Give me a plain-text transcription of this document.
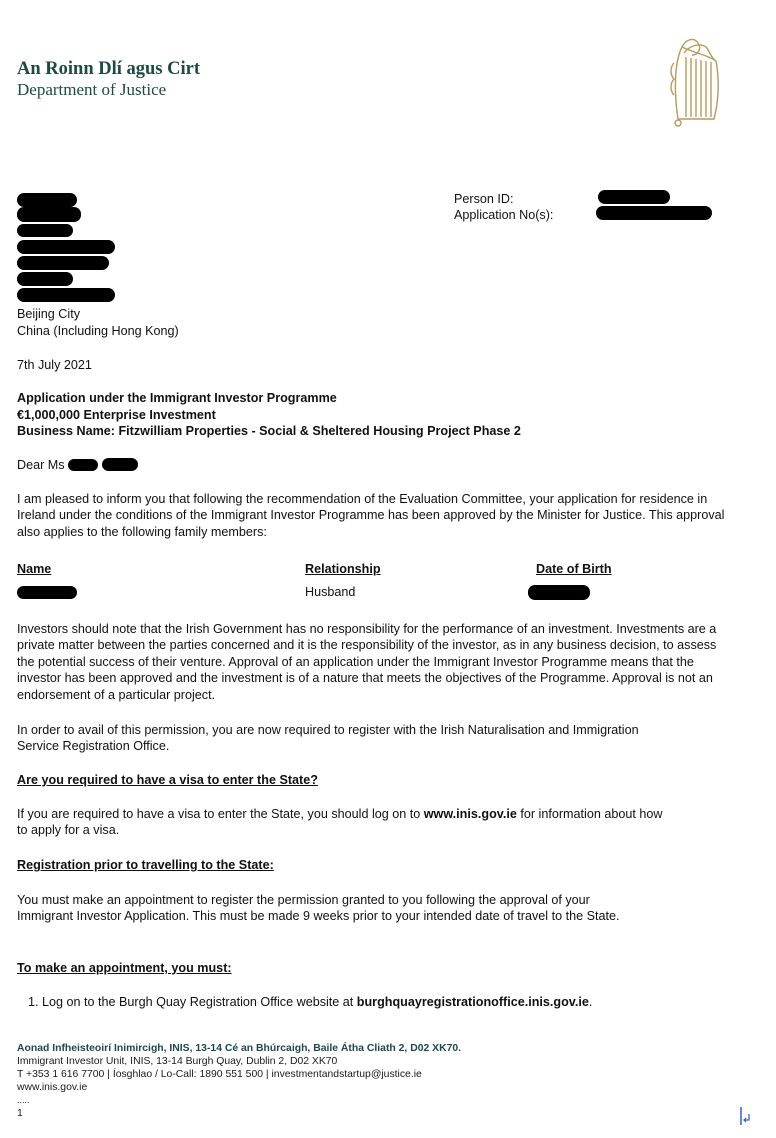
An Roinn Dlí agus Cirt
Department of Justice
Person ID:
Application No(s):
Beijing City
China (Including Hong Kong)
7th July 2021
Application under the Immigrant Investor Programme
€1,000,000 Enterprise Investment
Business Name: Fitzwilliam Properties - Social & Sheltered Housing Project Phase 2
Dear Ms
I am pleased to inform you that following the recommendation of the Evaluation Committee, your application for residence in Ireland under the conditions of the Immigrant Investor Programme has been approved by the Minister for Justice. This approval also applies to the following family members:
Name	Relationship	Date of Birth
Husband
Investors should note that the Irish Government has no responsibility for the performance of an investment. Investments are a private matter between the parties concerned and it is the responsibility of the investor, as in any business decision, to assess the potential success of their venture. Approval of an application under the Immigrant Investor Programme means that the investor has been approved and the investment is of a nature that meets the objectives of the Programme. Approval is not an endorsement of a particular project.
In order to avail of this permission, you are now required to register with the Irish Naturalisation and Immigration Service Registration Office.
Are you required to have a visa to enter the State?
If you are required to have a visa to enter the State, you should log on to www.inis.gov.ie for information about how to apply for a visa.
Registration prior to travelling to the State:
You must make an appointment to register the permission granted to you following the approval of your Immigrant Investor Application. This must be made 9 weeks prior to your intended date of travel to the State.
To make an appointment, you must:
1. Log on to the Burgh Quay Registration Office website at burghquayregistrationoffice.inis.gov.ie.
Aonad Infheisteoirí Inimircigh, INIS, 13-14 Cé an Bhúrcaigh, Baile Átha Cliath 2, D02 XK70.
Immigrant Investor Unit, INIS, 13-14 Burgh Quay, Dublin 2, D02 XK70
T +353 1 616 7700 | Íosghlao / Lo-Call: 1890 551 500 | investmentandstartup@justice.ie
www.inis.gov.ie
.....
1
